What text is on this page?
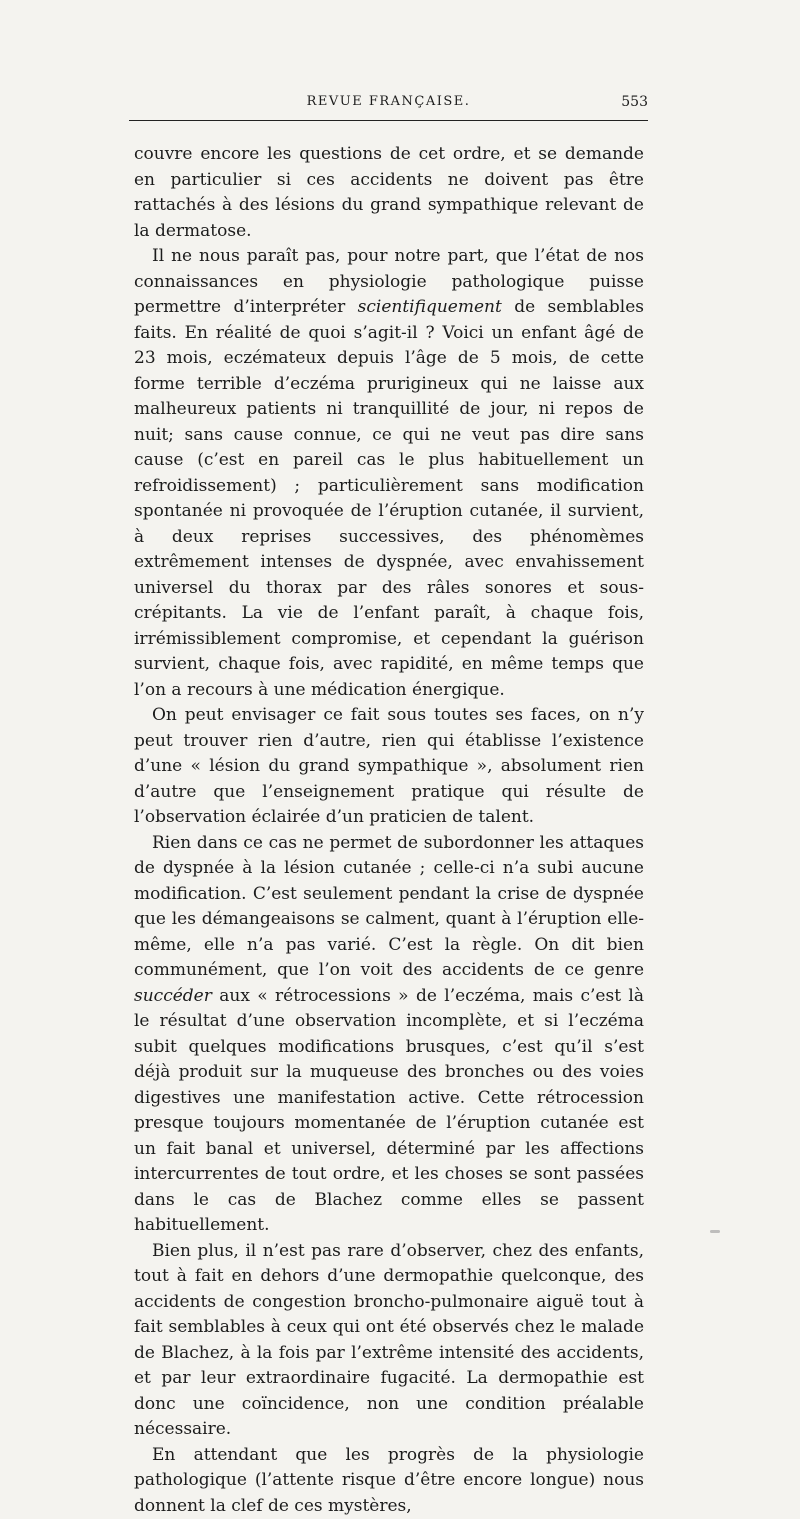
REVUE FRANÇAISE.	553

couvre encore les questions de cet ordre, et se demande en particulier si ces accidents ne doivent pas être rattachés à des lésions du grand sympathique relevant de la dermatose.

Il ne nous paraît pas, pour notre part, que l’état de nos connaissances en physiologie pathologique puisse permettre d’interpréter scientifiquement de semblables faits. En réalité de quoi s’agit-il ? Voici un enfant âgé de 23 mois, eczémateux depuis l’âge de 5 mois, de cette forme terrible d’eczéma prurigineux qui ne laisse aux malheureux patients ni tranquillité de jour, ni repos de nuit; sans cause connue, ce qui ne veut pas dire sans cause (c’est en pareil cas le plus habituellement un refroidissement) ; particulièrement sans modification spontanée ni provoquée de l’éruption cutanée, il survient, à deux reprises successives, des phénomèmes extrêmement intenses de dyspnée, avec envahissement universel du thorax par des râles sonores et sous-crépitants. La vie de l’enfant paraît, à chaque fois, irrémissiblement compromise, et cependant la guérison survient, chaque fois, avec rapidité, en même temps que l’on a recours à une médication énergique.

On peut envisager ce fait sous toutes ses faces, on n’y peut trouver rien d’autre, rien qui établisse l’existence d’une « lésion du grand sympathique », absolument rien d’autre que l’enseignement pratique qui résulte de l’observation éclairée d’un praticien de talent.

Rien dans ce cas ne permet de subordonner les attaques de dyspnée à la lésion cutanée ; celle-ci n’a subi aucune modification. C’est seulement pendant la crise de dyspnée que les démangeaisons se calment, quant à l’éruption elle-même, elle n’a pas varié. C’est la règle. On dit bien communément, que l’on voit des accidents de ce genre succéder aux « rétrocessions » de l’eczéma, mais c’est là le résultat d’une observation incomplète, et si l’eczéma subit quelques modifications brusques, c’est qu’il s’est déjà produit sur la muqueuse des bronches ou des voies digestives une manifestation active. Cette rétrocession presque toujours momentanée de l’éruption cutanée est un fait banal et universel, déterminé par les affections intercurrentes de tout ordre, et les choses se sont passées dans le cas de Blachez comme elles se passent habituellement.

Bien plus, il n’est pas rare d’observer, chez des enfants, tout à fait en dehors d’une dermopathie quelconque, des accidents de congestion broncho-pulmonaire aiguë tout à fait semblables à ceux qui ont été observés chez le malade de Blachez, à la fois par l’extrême intensité des accidents, et par leur extraordinaire fugacité. La dermopathie est donc une coïncidence, non une condition préalable nécessaire.

En attendant que les progrès de la physiologie pathologique (l’attente risque d’être encore longue) nous donnent la clef de ces mystères,
